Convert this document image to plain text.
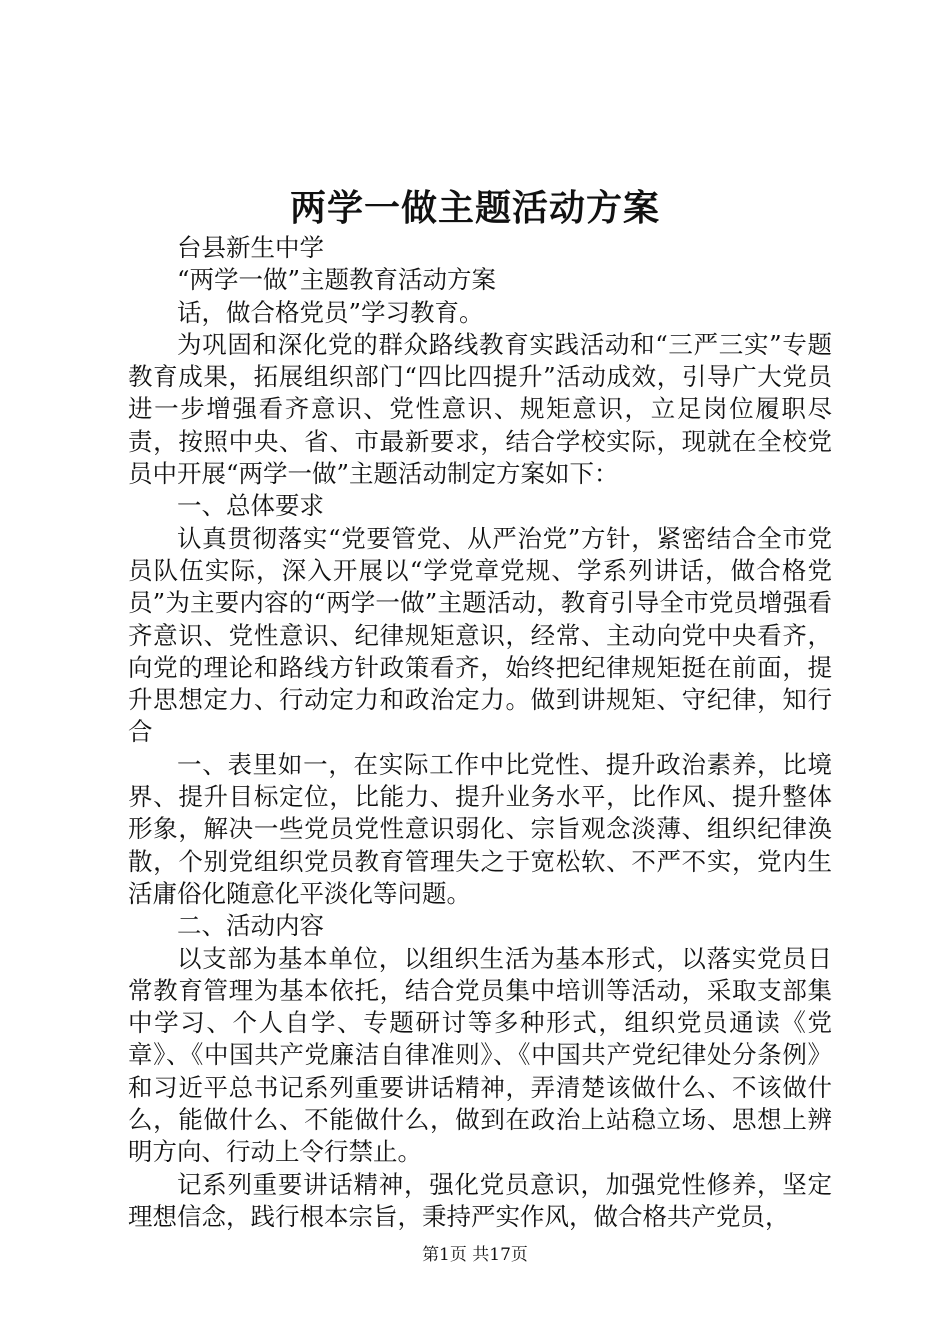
两学一做主题活动方案

台县新生中学

“两学一做”主题教育活动方案

话，做合格党员”学习教育。

为巩固和深化党的群众路线教育实践活动和“三严三实”专题教育成果，拓展组织部门“四比四提升”活动成效，引导广大党员进一步增强看齐意识、党性意识、规矩意识，立足岗位履职尽责，按照中央、省、市最新要求，结合学校实际，现就在全校党员中开展“两学一做”主题活动制定方案如下：

一、总体要求

认真贯彻落实“党要管党、从严治党”方针，紧密结合全市党员队伍实际，深入开展以“学党章党规、学系列讲话，做合格党员”为主要内容的“两学一做”主题活动，教育引导全市党员增强看齐意识、党性意识、纪律规矩意识，经常、主动向党中央看齐，向党的理论和路线方针政策看齐，始终把纪律规矩挺在前面，提升思想定力、行动定力和政治定力。做到讲规矩、守纪律，知行合

一、表里如一，在实际工作中比党性、提升政治素养，比境界、提升目标定位，比能力、提升业务水平，比作风、提升整体形象，解决一些党员党性意识弱化、宗旨观念淡薄、组织纪律涣散，个别党组织党员教育管理失之于宽松软、不严不实，党内生活庸俗化随意化平淡化等问题。

二、活动内容

以支部为基本单位，以组织生活为基本形式，以落实党员日常教育管理为基本依托，结合党员集中培训等活动，采取支部集中学习、个人自学、专题研讨等多种形式，组织党员通读《党章》、《中国共产党廉洁自律准则》、《中国共产党纪律处分条例》和习近平总书记系列重要讲话精神，弄清楚该做什么、不该做什么，能做什么、不能做什么，做到在政治上站稳立场、思想上辨明方向、行动上令行禁止。

记系列重要讲话精神，强化党员意识，加强党性修养，坚定理想信念，践行根本宗旨，秉持严实作风，做合格共产党员，

第1页 共17页
